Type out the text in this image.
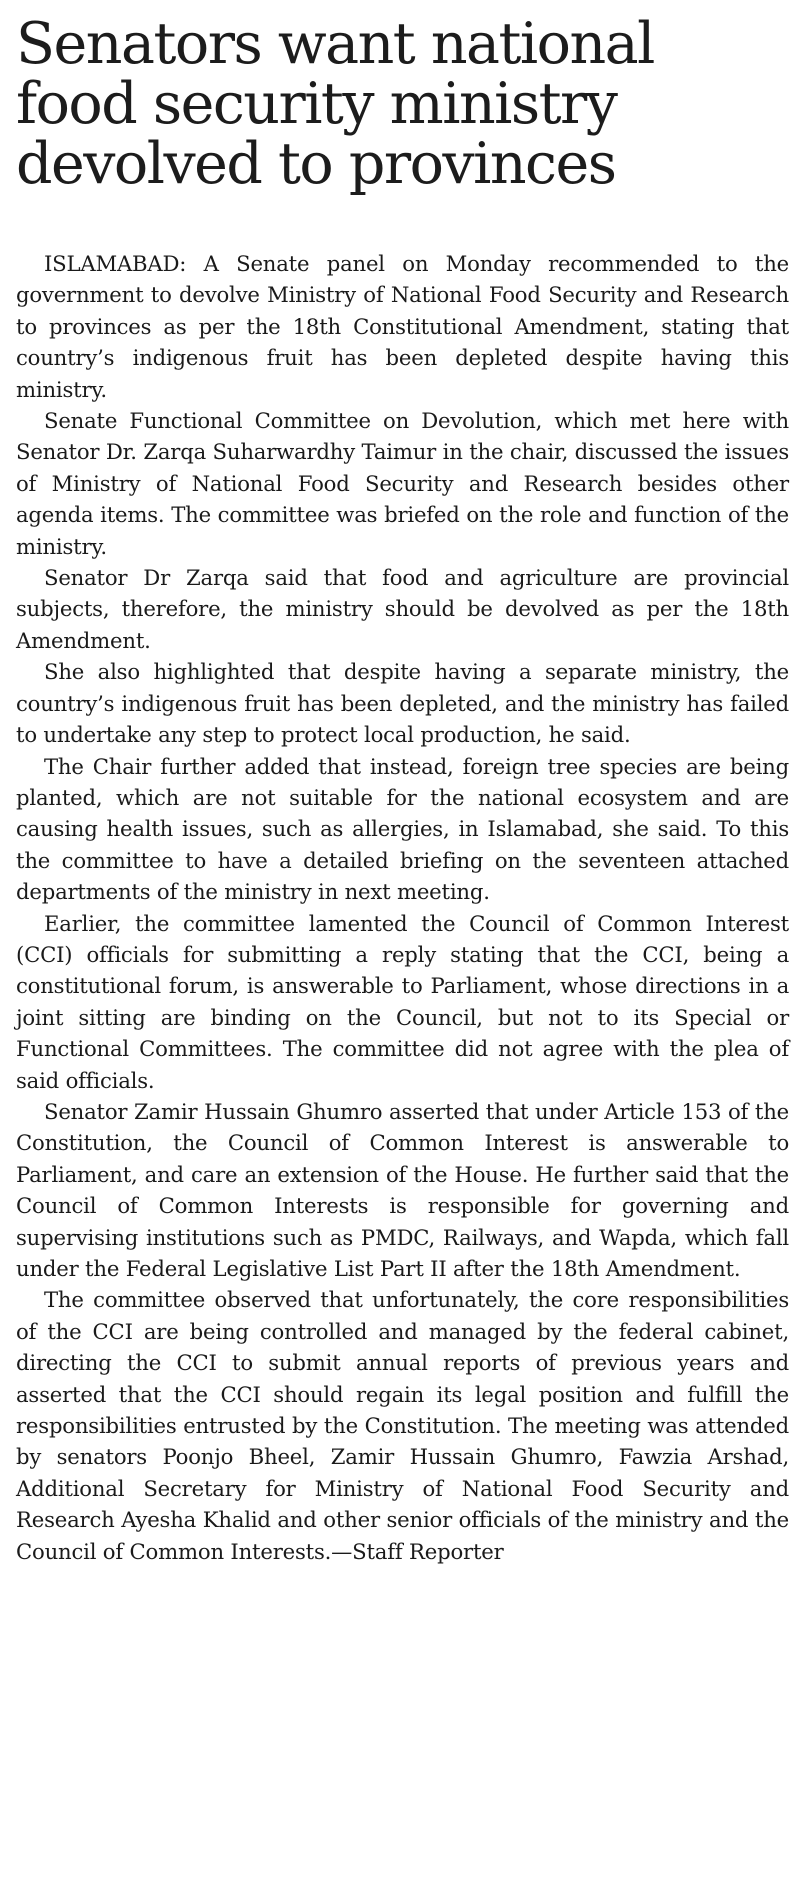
Senators want national
food security ministry
devolved to provinces

ISLAMABAD: A Senate panel on Monday recommended to the government to devolve Ministry of National Food Security and Research to provinces as per the 18th Constitutional Amendment, stating that country’s indigenous fruit has been depleted despite having this ministry.

Senate Functional Committee on Devolution, which met here with Senator Dr. Zarqa Suharwardhy Taimur in the chair, discussed the issues of Ministry of National Food Security and Research besides other agenda items. The committee was briefed on the role and function of the ministry.

Senator Dr Zarqa said that food and agriculture are provincial subjects, therefore, the ministry should be devolved as per the 18th Amendment.

She also highlighted that despite having a separate ministry, the country’s indigenous fruit has been depleted, and the ministry has failed to undertake any step to protect local production, he said.

The Chair further added that instead, foreign tree species are being planted, which are not suitable for the national ecosystem and are causing health issues, such as allergies, in Islamabad, she said. To this the committee to have a detailed briefing on the seventeen attached departments of the ministry in next meeting.

Earlier, the committee lamented the Council of Common Interest (CCI) officials for submitting a reply stating that the CCI, being a constitutional forum, is answerable to Parliament, whose directions in a joint sitting are binding on the Council, but not to its Special or Functional Committees. The committee did not agree with the plea of said officials.

Senator Zamir Hussain Ghumro asserted that under Article 153 of the Constitution, the Council of Common Interest is answerable to Parliament, and care an extension of the House. He further said that the Council of Common Interests is responsible for governing and supervising institutions such as PMDC, Railways, and Wapda, which fall under the Federal Legislative List Part II after the 18th Amendment.

The committee observed that unfortunately, the core responsibilities of the CCI are being controlled and managed by the federal cabinet, directing the CCI to submit annual reports of previous years and asserted that the CCI should regain its legal position and fulfill the responsibilities entrusted by the Constitution. The meeting was attended by senators Poonjo Bheel, Zamir Hussain Ghumro, Fawzia Arshad, Additional Secretary for Ministry of National Food Security and Research Ayesha Khalid and other senior officials of the ministry and the Council of Common Interests.—Staff Reporter
